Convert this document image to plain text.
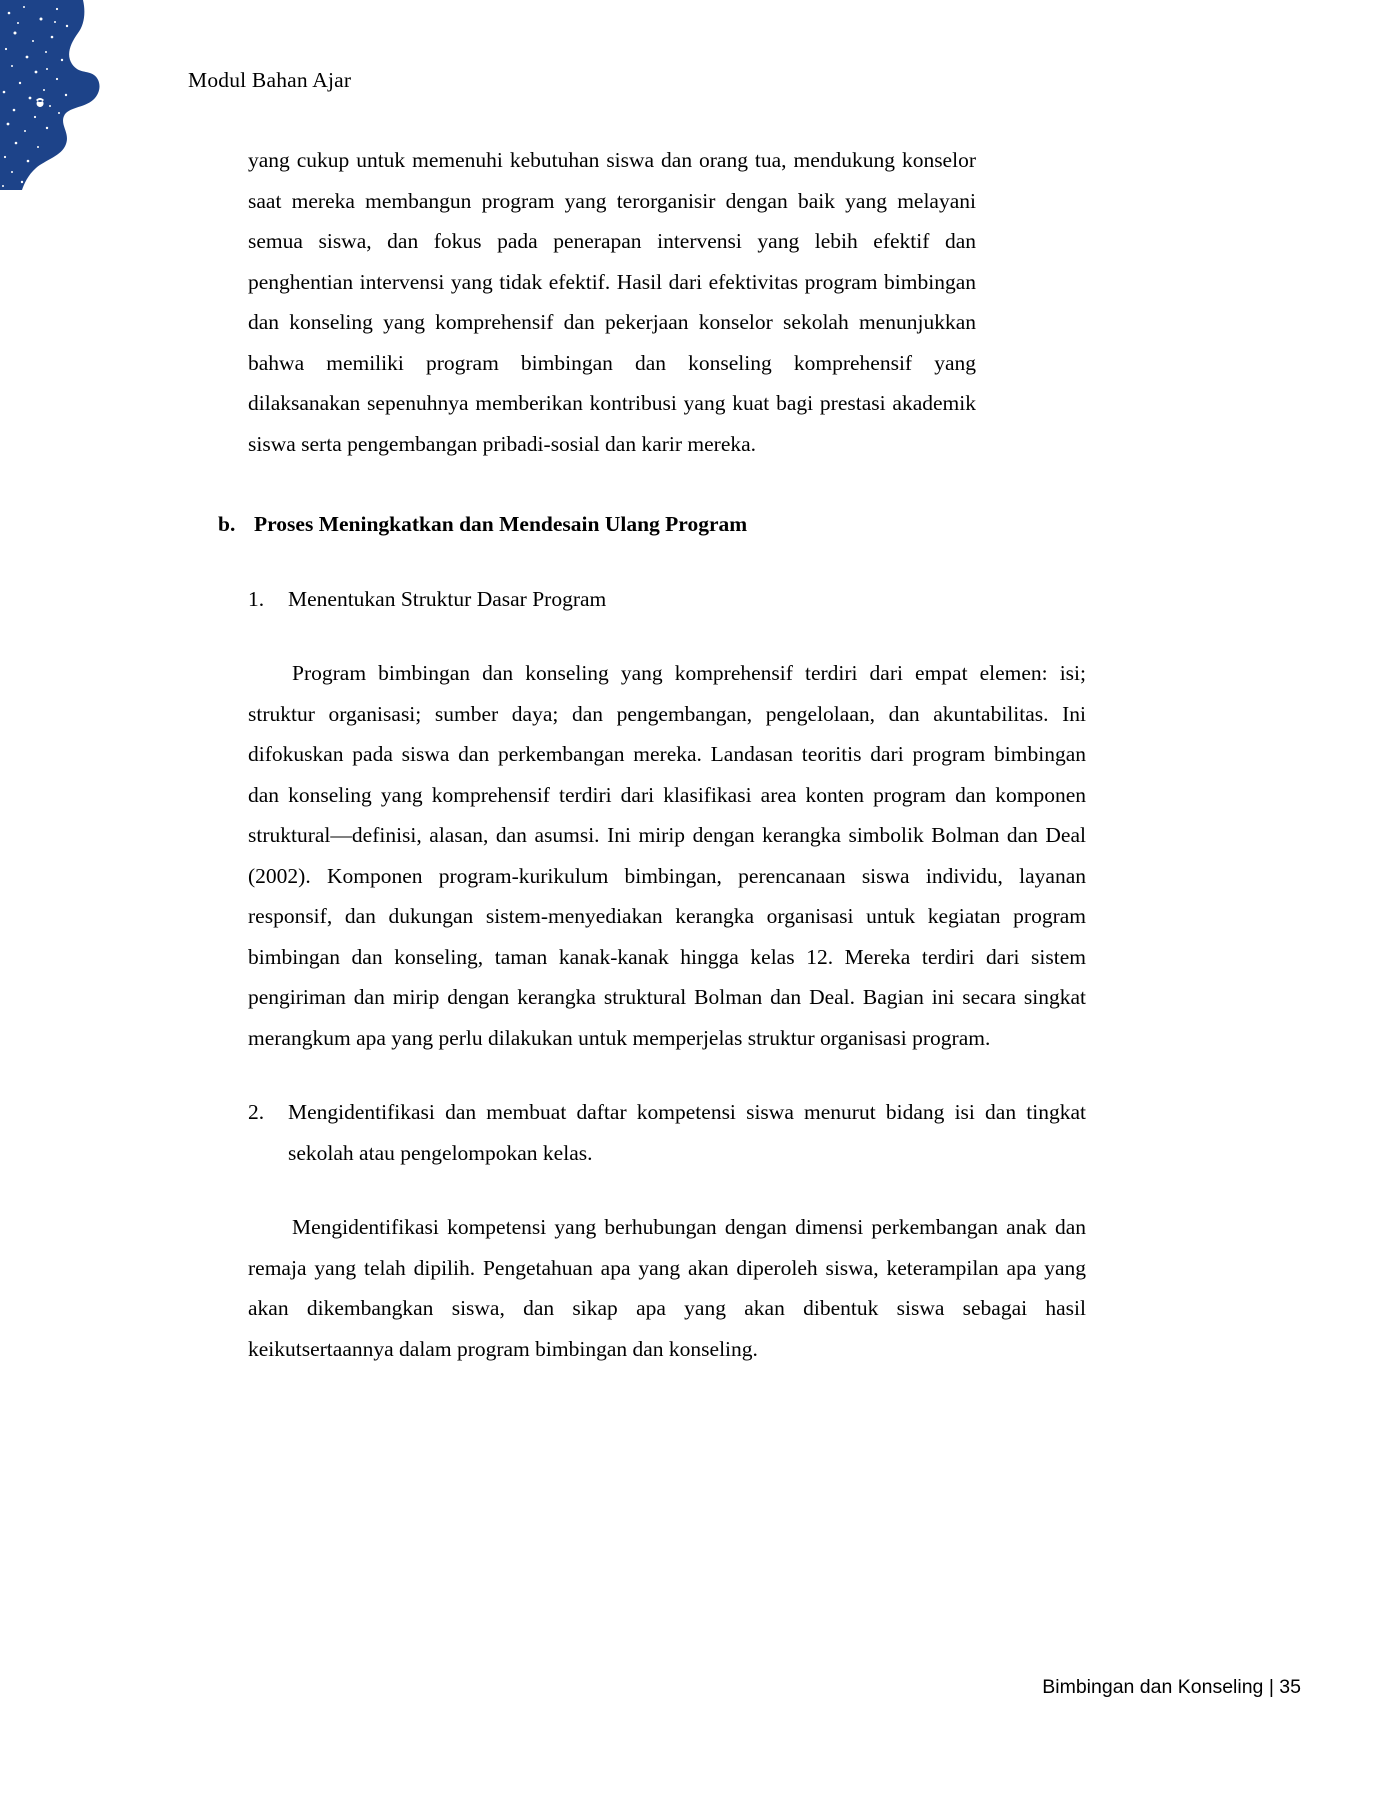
Modul Bahan Ajar

yang cukup untuk memenuhi kebutuhan siswa dan orang tua, mendukung konselor saat mereka membangun program yang terorganisir dengan baik yang melayani semua siswa, dan fokus pada penerapan intervensi yang lebih efektif dan penghentian intervensi yang tidak efektif. Hasil dari efektivitas program bimbingan dan konseling yang komprehensif dan pekerjaan konselor sekolah menunjukkan bahwa memiliki program bimbingan dan konseling komprehensif yang dilaksanakan sepenuhnya memberikan kontribusi yang kuat bagi prestasi akademik siswa serta pengembangan pribadi-sosial dan karir mereka.

b. Proses Meningkatkan dan Mendesain Ulang Program
1.	Menentukan Struktur Dasar Program

Program bimbingan dan konseling yang komprehensif terdiri dari empat elemen: isi; struktur organisasi; sumber daya; dan pengembangan, pengelolaan, dan akuntabilitas. Ini difokuskan pada siswa dan perkembangan mereka. Landasan teoritis dari program bimbingan dan konseling yang komprehensif terdiri dari klasifikasi area konten program dan komponen struktural—definisi, alasan, dan asumsi. Ini mirip dengan kerangka simbolik Bolman dan Deal (2002). Komponen program-kurikulum bimbingan, perencanaan siswa individu, layanan responsif, dan dukungan sistem-menyediakan kerangka organisasi untuk kegiatan program bimbingan dan konseling, taman kanak-kanak hingga kelas 12. Mereka terdiri dari sistem pengiriman dan mirip dengan kerangka struktural Bolman dan Deal. Bagian ini secara singkat merangkum apa yang perlu dilakukan untuk memperjelas struktur organisasi program.

2.	Mengidentifikasi dan membuat daftar kompetensi siswa menurut bidang isi dan tingkat sekolah atau pengelompokan kelas.

Mengidentifikasi kompetensi yang berhubungan dengan dimensi perkembangan anak dan remaja yang telah dipilih. Pengetahuan apa yang akan diperoleh siswa, keterampilan apa yang akan dikembangkan siswa, dan sikap apa yang akan dibentuk siswa sebagai hasil keikutsertaannya dalam program bimbingan dan konseling.

Bimbingan dan Konseling | 35
